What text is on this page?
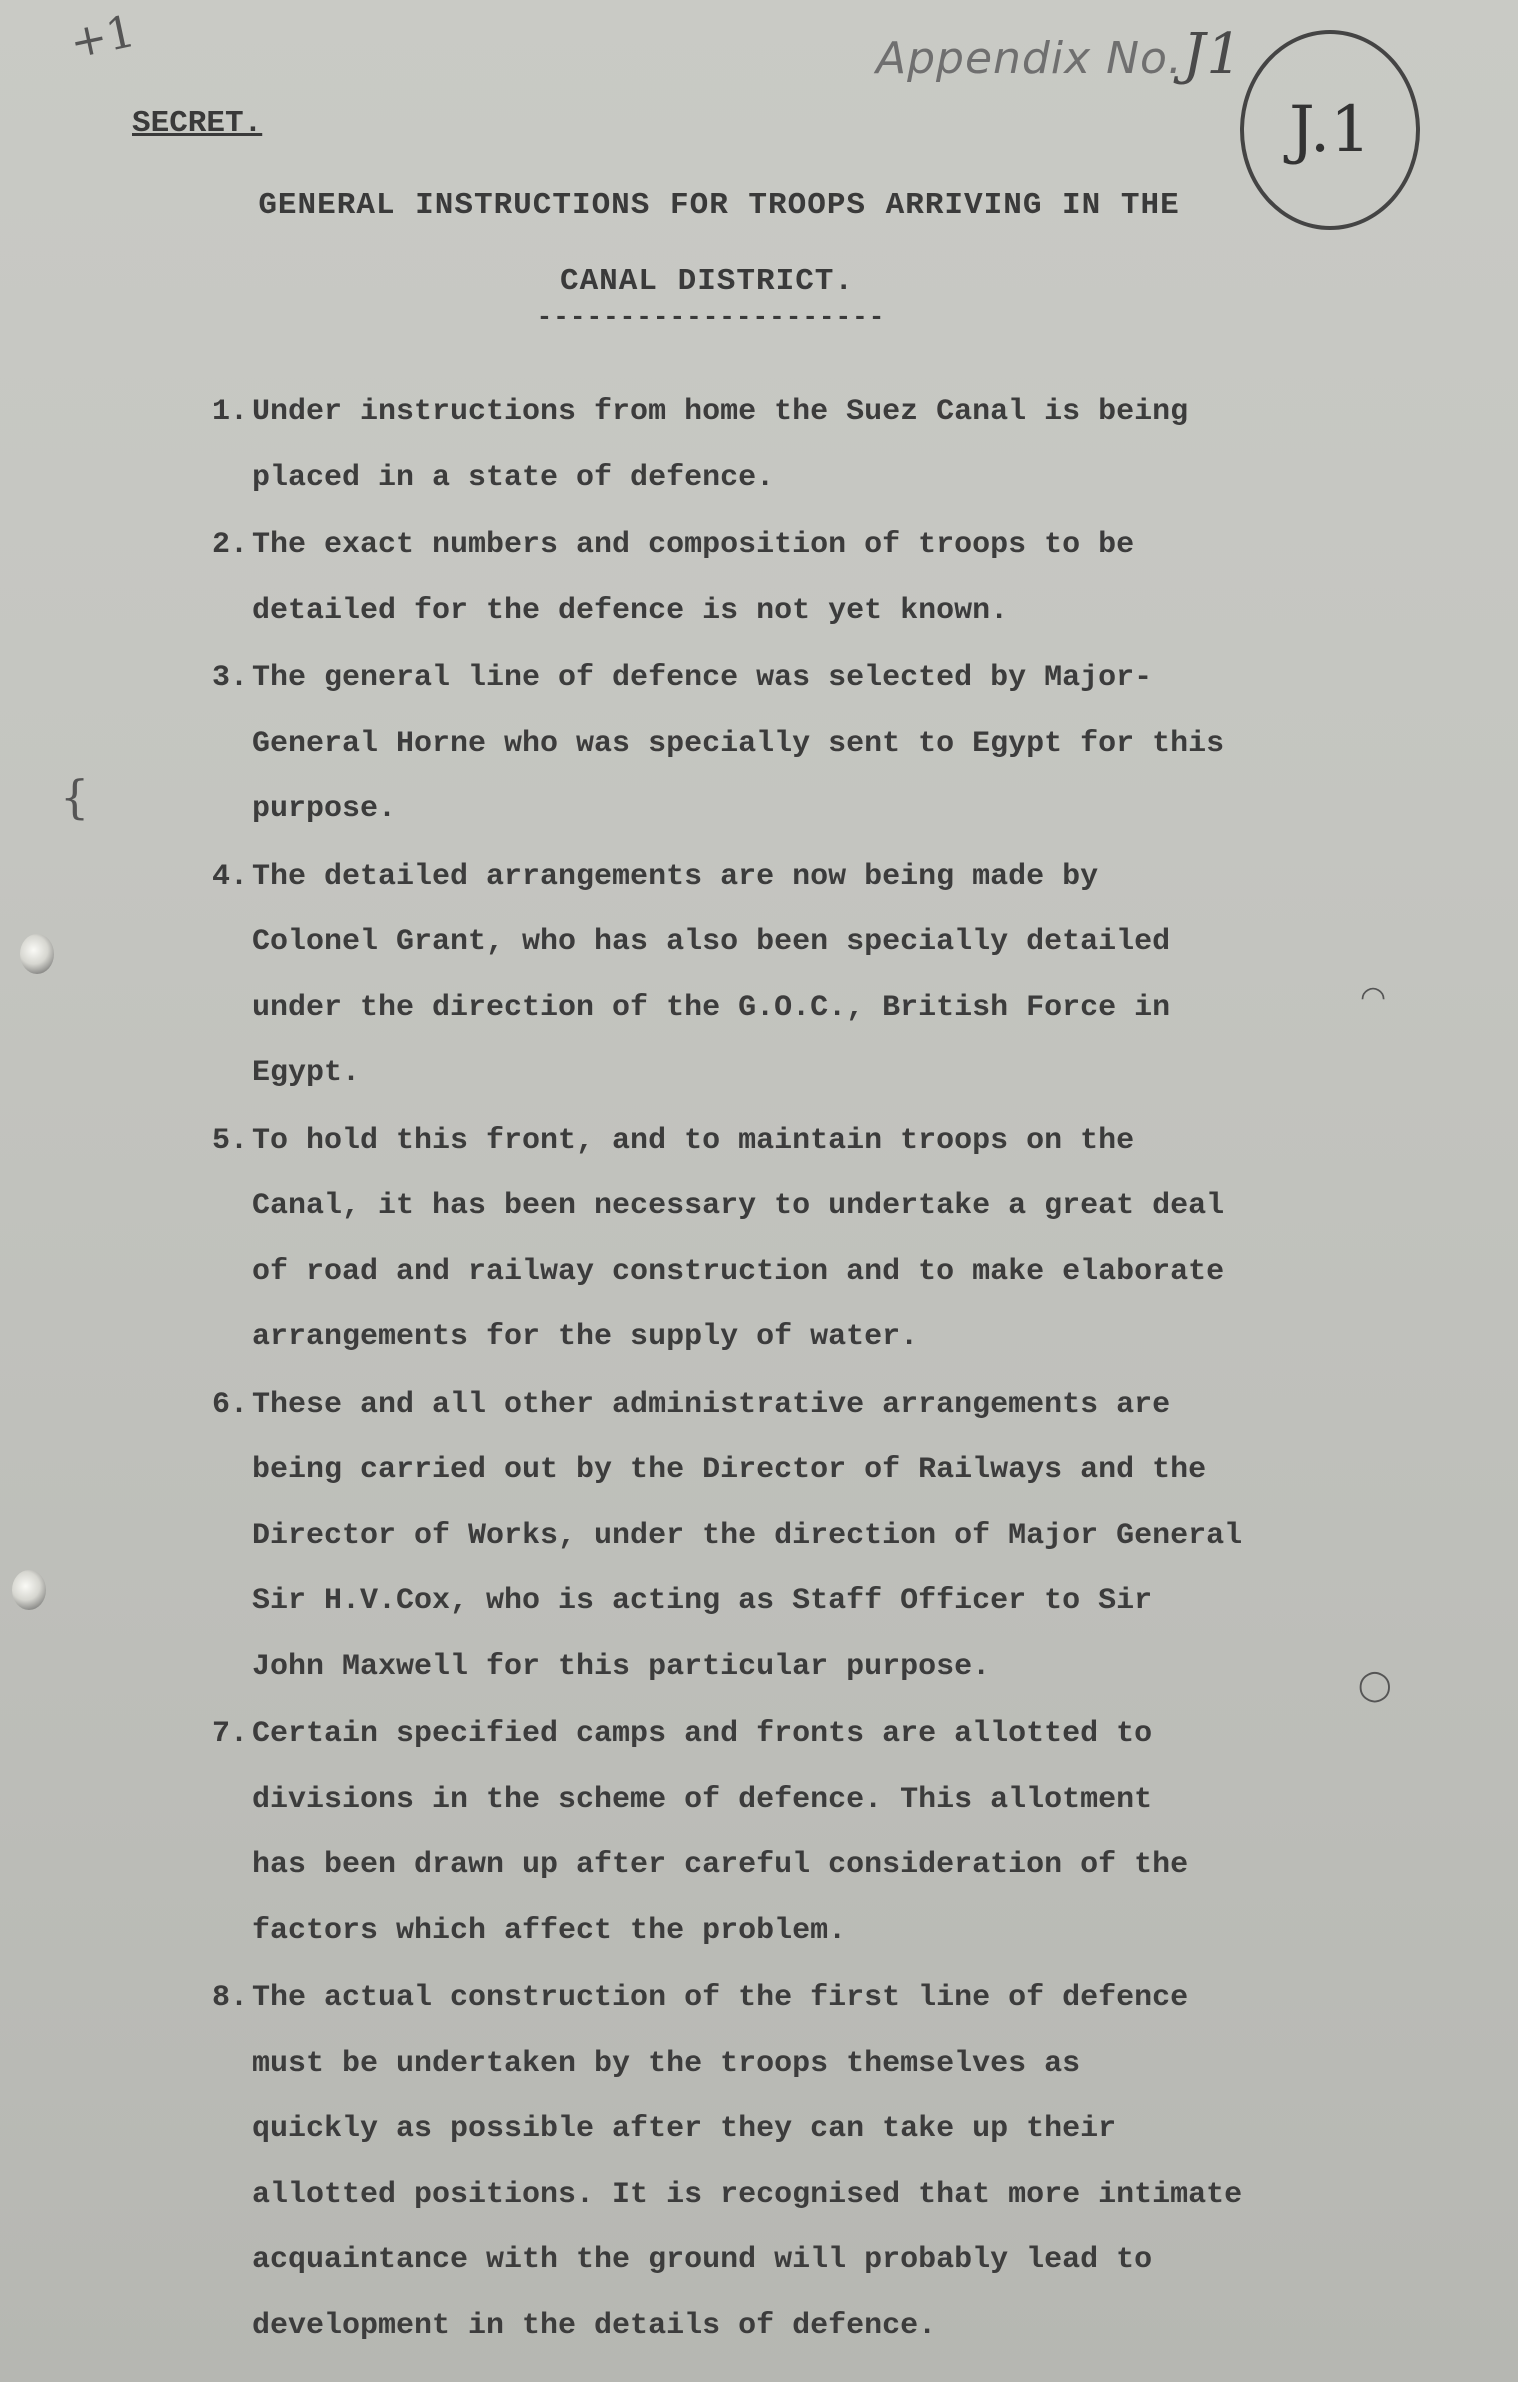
+1	Appendix No.J1
J.1
SECRET.
GENERAL INSTRUCTIONS FOR TROOPS ARRIVING IN THE
CANAL DISTRICT.
---------------------
1. Under instructions from home the Suez Canal is being
placed in a state of defence.
2. The exact numbers and composition of troops to be
detailed for the defence is not yet known.
3. The general line of defence was selected by Major-
General Horne who was specially sent to Egypt for this
purpose.
4. The detailed arrangements are now being made by
Colonel Grant, who has also been specially detailed
under the direction of the G.O.C., British Force in
Egypt.
5. To hold this front, and to maintain troops on the
Canal, it has been necessary to undertake a great deal
of road and railway construction and to make elaborate
arrangements for the supply of water.
6. These and all other administrative arrangements are
being carried out by the Director of Railways and the
Director of Works, under the direction of Major General
Sir H.V.Cox, who is acting as Staff Officer to Sir
John Maxwell for this particular purpose.
7. Certain specified camps and fronts are allotted to
divisions in the scheme of defence. This allotment
has been drawn up after careful consideration of the
factors which affect the problem.
8. The actual construction of the first line of defence
must be undertaken by the troops themselves as
quickly as possible after they can take up their
allotted positions. It is recognised that more intimate
acquaintance with the ground will probably lead to
development in the details of defence.
{
◠
◯
